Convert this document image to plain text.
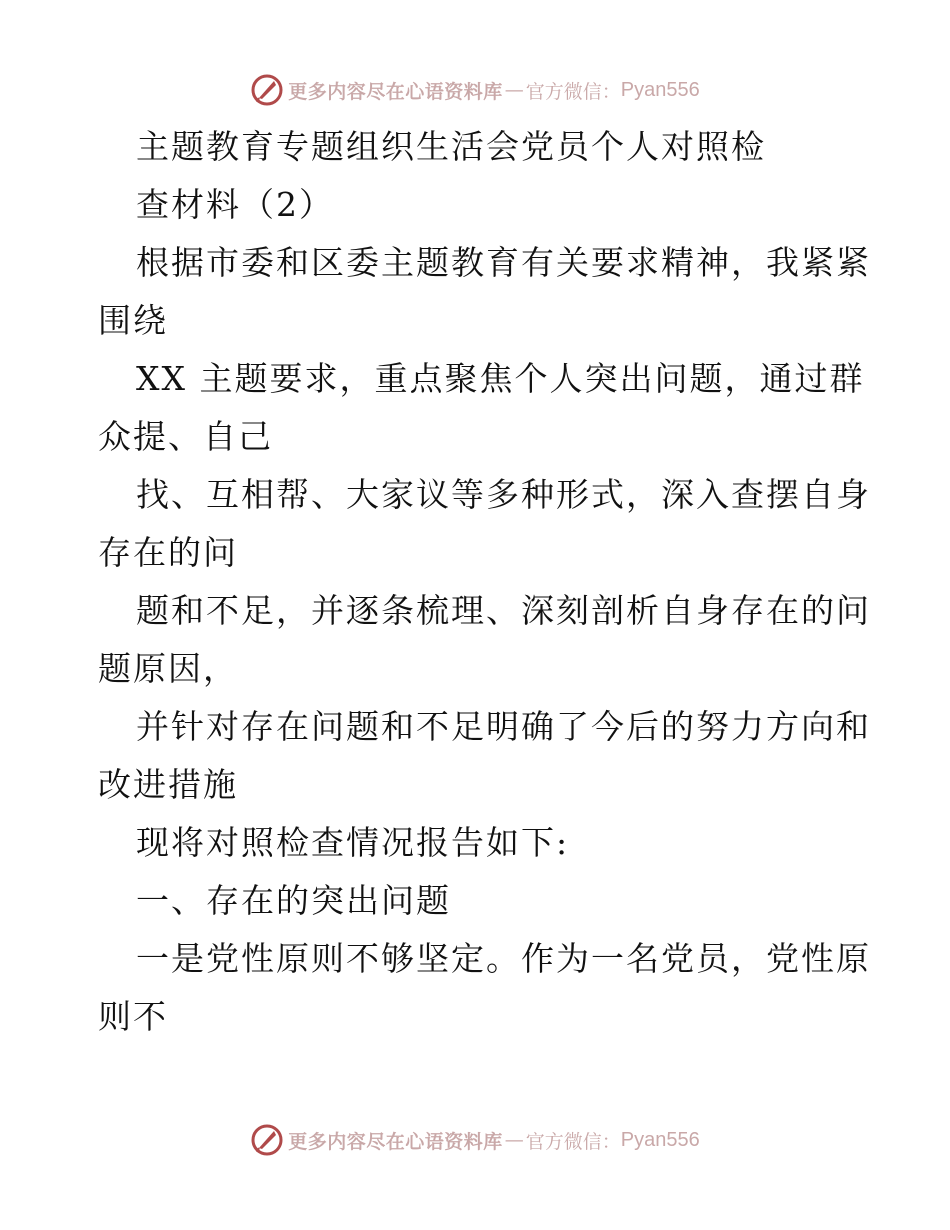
更多内容尽在心语资料库 — 官方微信： Pyan556
主题教育专题组织生活会党员个人对照检
查材料（2）
根据市委和区委主题教育有关要求精神，我紧紧
围绕
XX 主题要求，重点聚焦个人突出问题，通过群
众提、自己
找、互相帮、大家议等多种形式，深入查摆自身
存在的问
题和不足，并逐条梳理、深刻剖析自身存在的问
题原因，
并针对存在问题和不足明确了今后的努力方向和
改进措施
现将对照检查情况报告如下:
一、存在的突出问题
一是党性原则不够坚定。作为一名党员，党性原
则不
更多内容尽在心语资料库 — 官方微信： Pyan556
